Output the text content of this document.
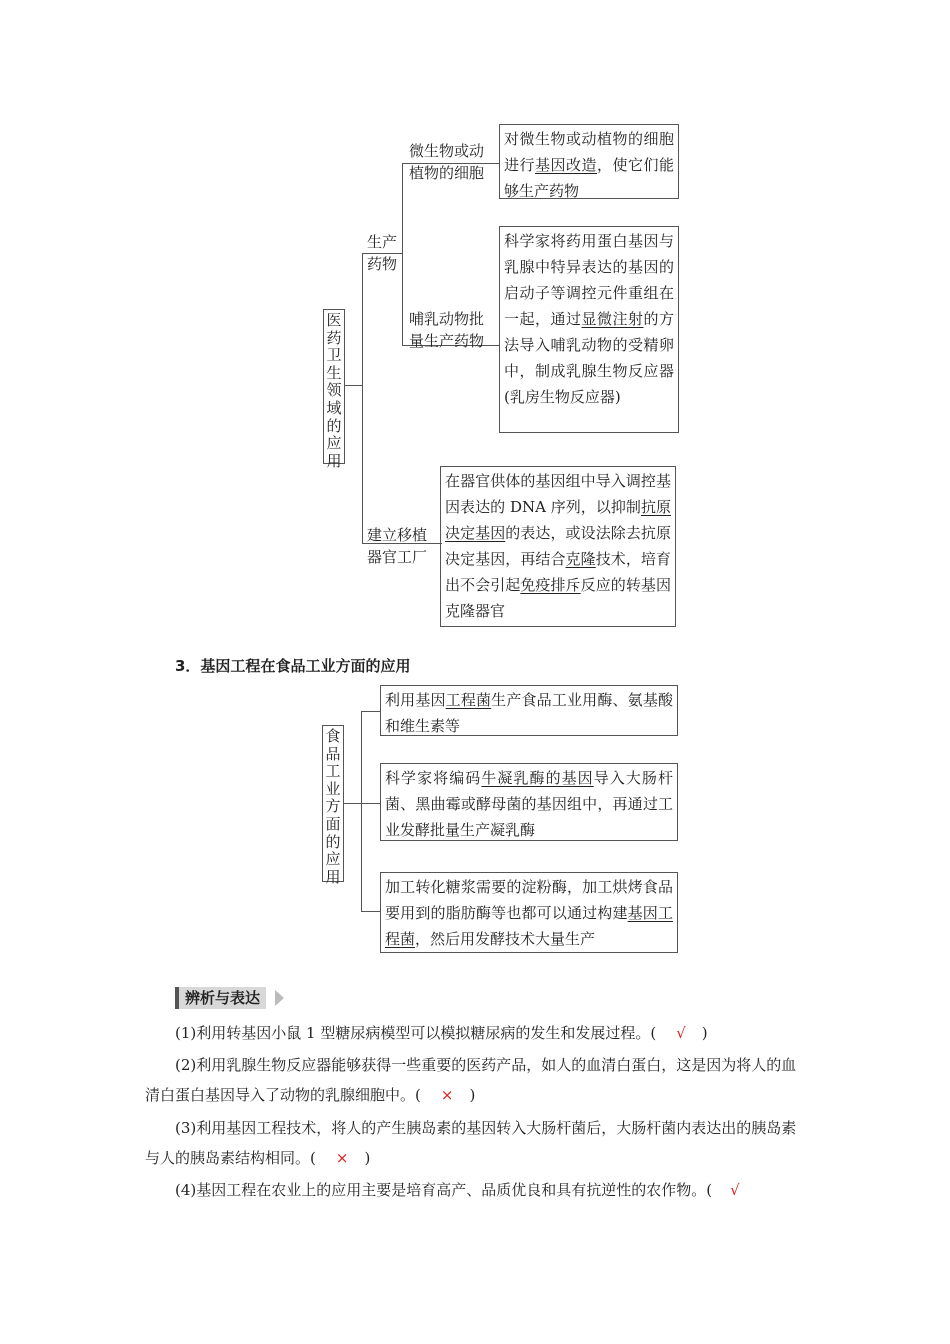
医
药
卫
生
领
域
的
应
用
生产
药物
微生物或动
植物的细胞
哺乳动物批
量生产药物
建立移植
器官工厂
对微生物或动植物的细胞进行基因改造，使它们能够生产药物
科学家将药用蛋白基因与乳腺中特异表达的基因的启动子等调控元件重组在一起，通过显微注射的方法导入哺乳动物的受精卵中，制成乳腺生物反应器(乳房生物反应器)
在器官供体的基因组中导入调控基因表达的 DNA 序列，以抑制抗原决定基因的表达，或设法除去抗原决定基因，再结合克隆技术，培育出不会引起免疫排斥反应的转基因克隆器官
3．基因工程在食品工业方面的应用
食
品
工
业
方
面
的
应
用
利用基因工程菌生产食品工业用酶、氨基酸和维生素等
科学家将编码牛凝乳酶的基因导入大肠杆菌、黑曲霉或酵母菌的基因组中，再通过工业发酵批量生产凝乳酶
加工转化糖浆需要的淀粉酶，加工烘烤食品要用到的脂肪酶等也都可以通过构建基因工程菌，然后用发酵技术大量生产
辨析与表达
(1)利用转基因小鼠 1 型糖尿病模型可以模拟糖尿病的发生和发展过程。( √ )
(2)利用乳腺生物反应器能够获得一些重要的医药产品，如人的血清白蛋白，这是因为将人的血清白蛋白基因导入了动物的乳腺细胞中。( × )
(3)利用基因工程技术，将人的产生胰岛素的基因转入大肠杆菌后，大肠杆菌内表达出的胰岛素与人的胰岛素结构相同。( × )
(4)基因工程在农业上的应用主要是培育高产、品质优良和具有抗逆性的农作物。( √
